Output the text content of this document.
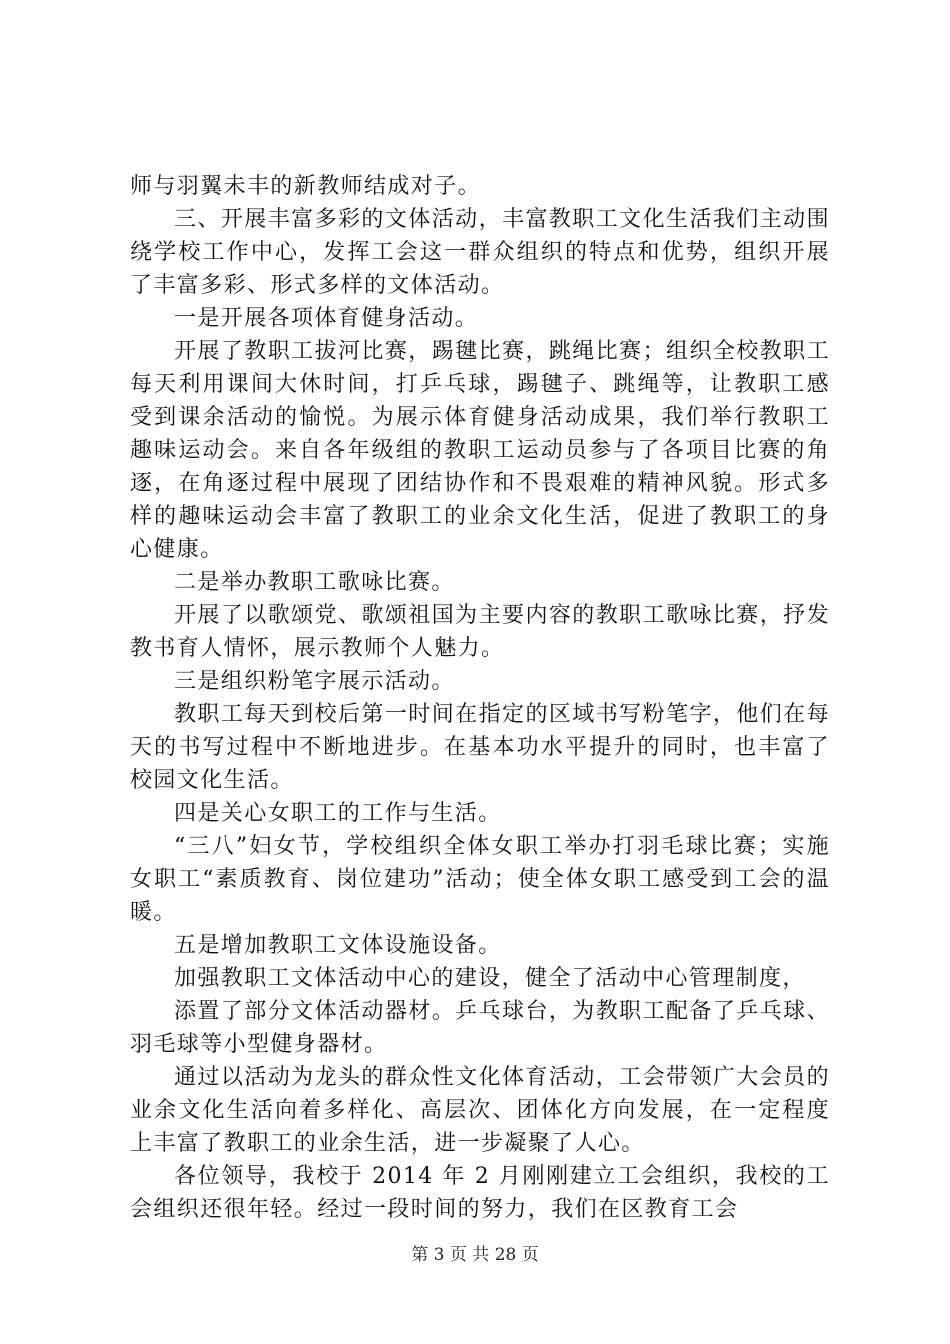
师与羽翼未丰的新教师结成对子。

三、开展丰富多彩的文体活动，丰富教职工文化生活我们主动围绕学校工作中心，发挥工会这一群众组织的特点和优势，组织开展了丰富多彩、形式多样的文体活动。

一是开展各项体育健身活动。

开展了教职工拔河比赛，踢毽比赛，跳绳比赛；组织全校教职工每天利用课间大休时间，打乒乓球，踢毽子、跳绳等，让教职工感受到课余活动的愉悦。为展示体育健身活动成果，我们举行教职工趣味运动会。来自各年级组的教职工运动员参与了各项目比赛的角逐，在角逐过程中展现了团结协作和不畏艰难的精神风貌。形式多样的趣味运动会丰富了教职工的业余文化生活，促进了教职工的身心健康。

二是举办教职工歌咏比赛。

开展了以歌颂党、歌颂祖国为主要内容的教职工歌咏比赛，抒发教书育人情怀，展示教师个人魅力。

三是组织粉笔字展示活动。

教职工每天到校后第一时间在指定的区域书写粉笔字，他们在每天的书写过程中不断地进步。在基本功水平提升的同时，也丰富了校园文化生活。

四是关心女职工的工作与生活。

“三八”妇女节，学校组织全体女职工举办打羽毛球比赛；实施女职工“素质教育、岗位建功”活动；使全体女职工感受到工会的温暖。

五是增加教职工文体设施设备。

加强教职工文体活动中心的建设，健全了活动中心管理制度，

添置了部分文体活动器材。乒乓球台，为教职工配备了乒乓球、羽毛球等小型健身器材。

通过以活动为龙头的群众性文化体育活动，工会带领广大会员的业余文化生活向着多样化、高层次、团体化方向发展，在一定程度上丰富了教职工的业余生活，进一步凝聚了人心。

各位领导，我校于 2014 年 2 月刚刚建立工会组织，我校的工会组织还很年轻。经过一段时间的努力，我们在区教育工会

第 3 页 共 28 页
